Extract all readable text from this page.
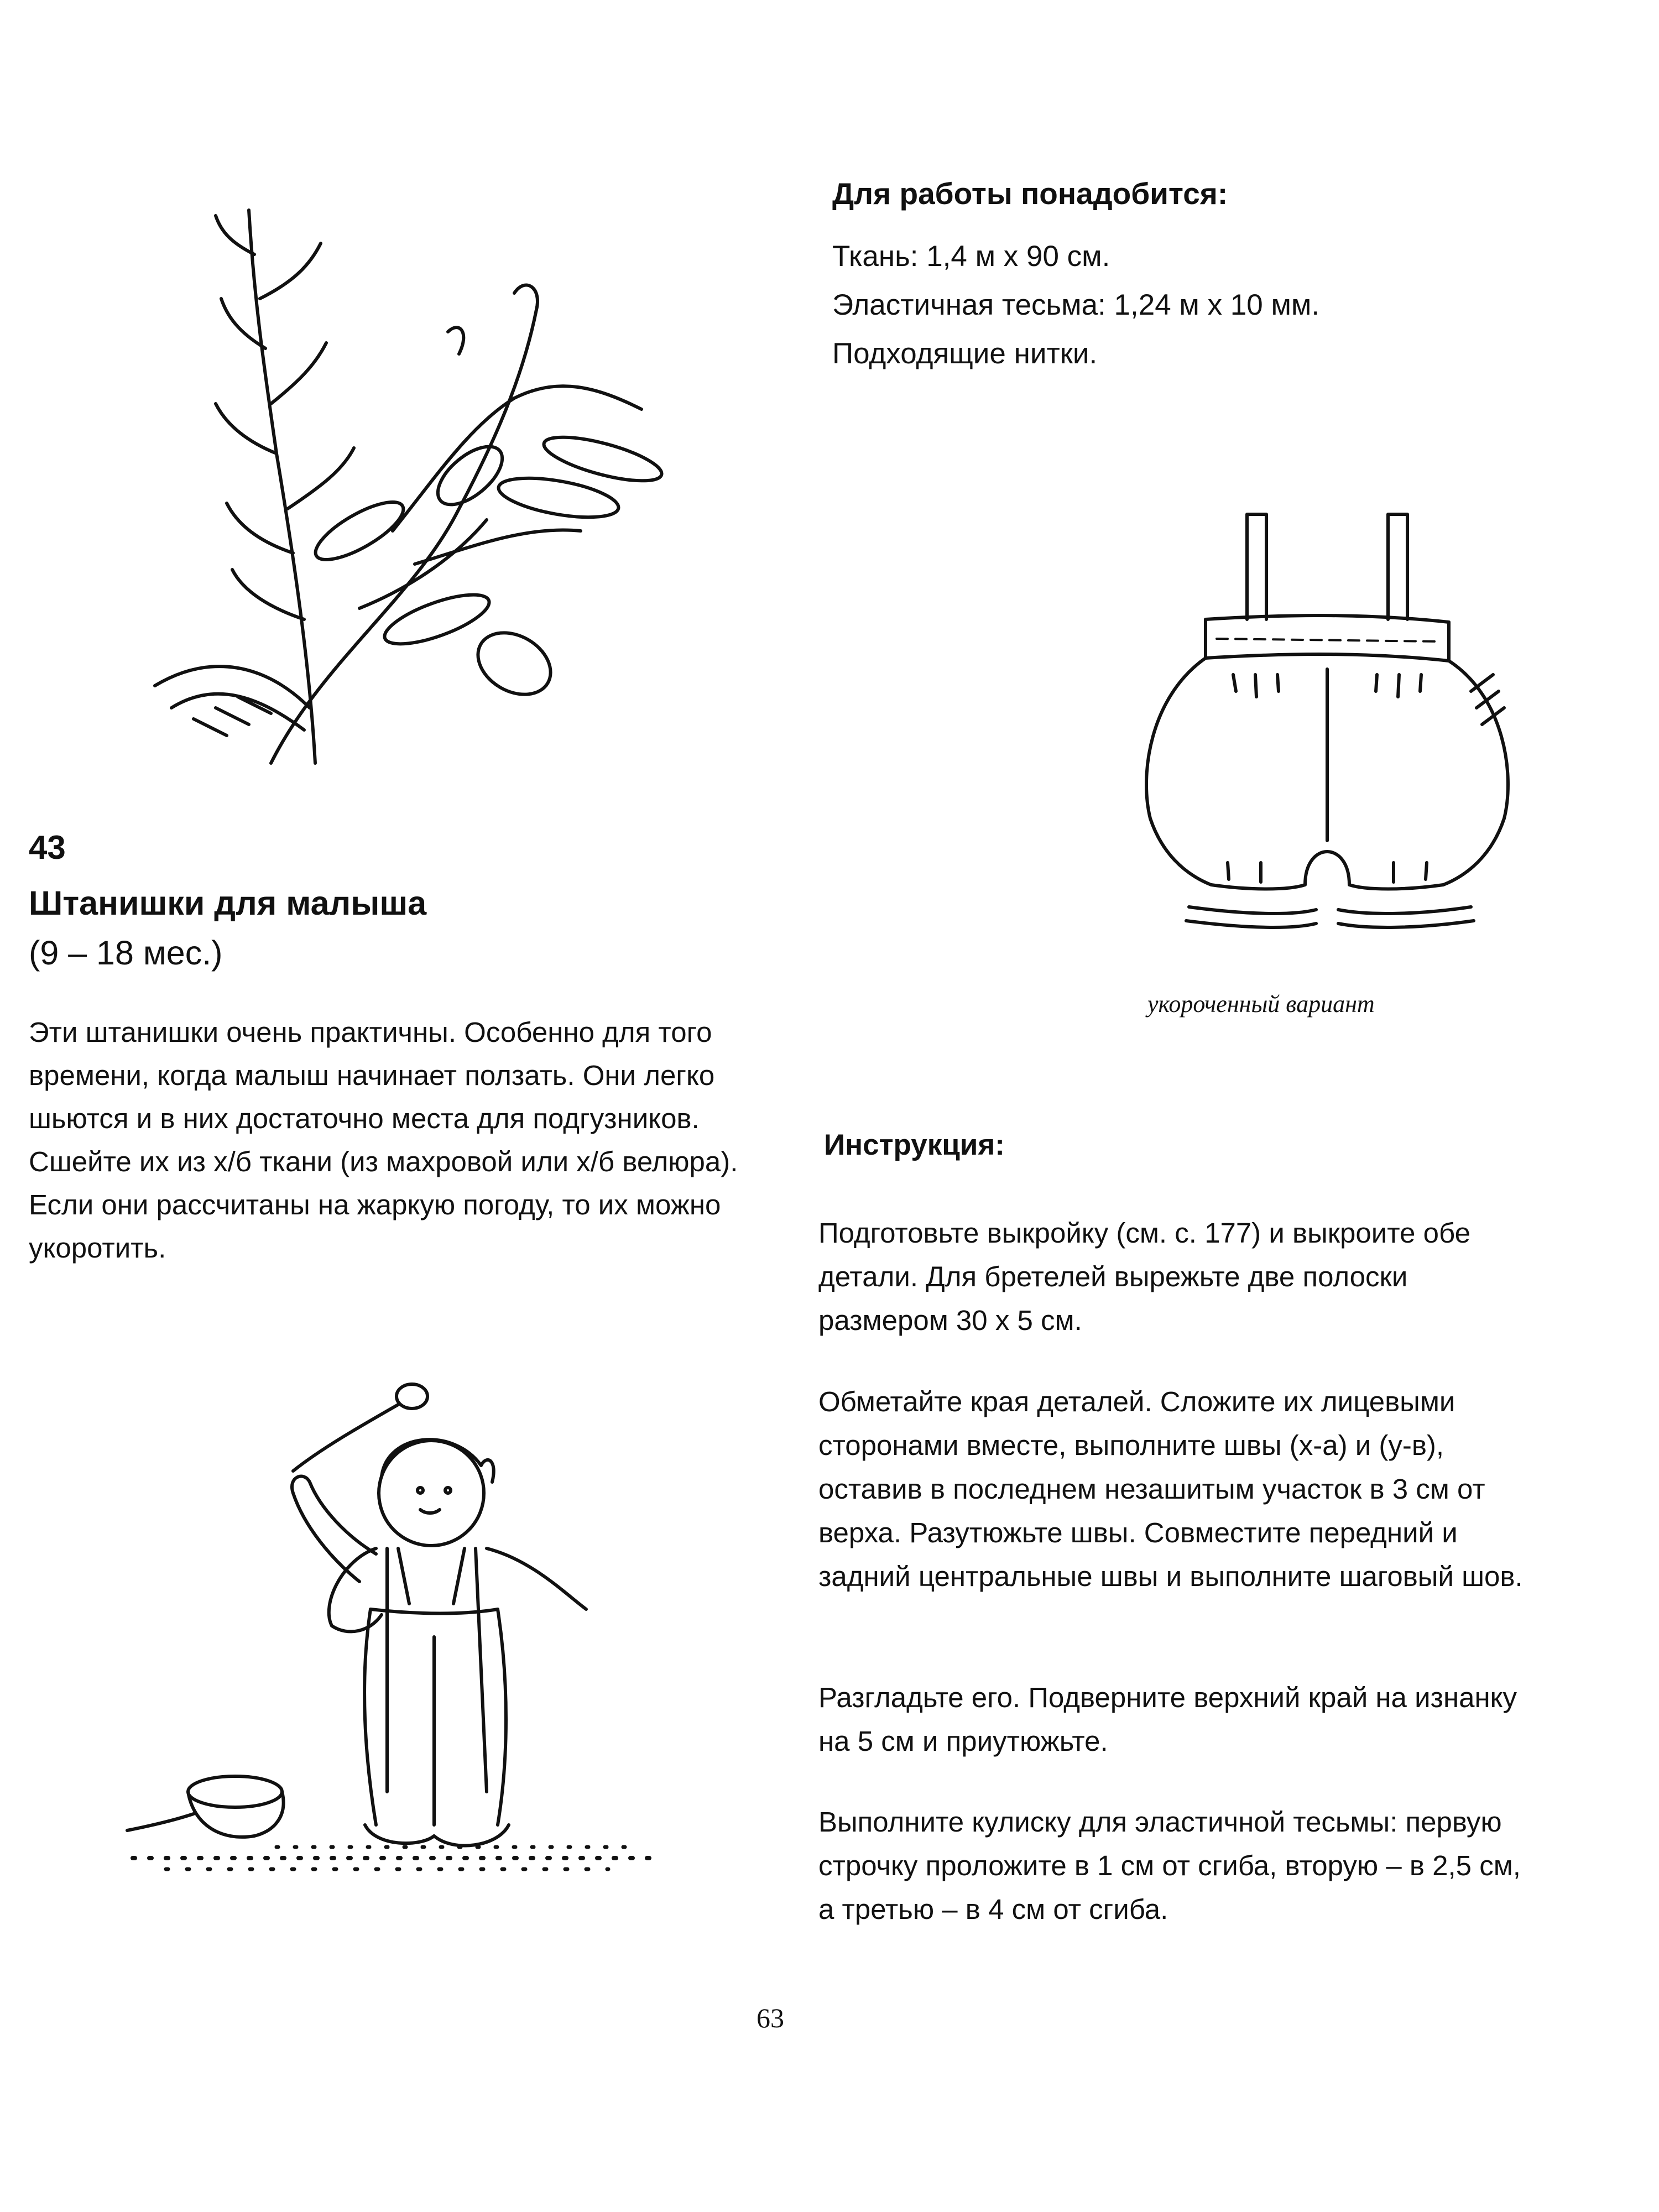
Для работы понадобится:
Ткань: 1,4 м х 90 см.
Эластичная тесьма: 1,24 м х 10 мм.
Подходящие нитки.
укороченный вариант
43
Штанишки для малыша
(9 – 18 мес.)

Эти штанишки очень практичны. Особенно для того времени, когда малыш начинает ползать. Они легко шьются и в них достаточно места для подгузников. Сшейте их из х/б ткани (из махровой или х/б велюра). Если они рассчитаны на жаркую погоду, то их можно укоротить.

Инструкция:

Подготовьте выкройку (см. с. 177) и выкроите обе детали. Для бретелей вырежьте две полоски размером 30 х 5 см.

Обметайте края деталей. Сложите их лицевыми сторонами вместе, выполните швы (х-а) и (у-в), оставив в последнем незашитым участок в 3 см от верха. Разутюжьте швы. Совместите передний и задний центральные швы и выполните шаговый шов.

Разгладьте его. Подверните верхний край на изнанку на 5 см и приутюжьте.

Выполните кулиску для эластичной тесьмы: первую строчку проложите в 1 см от сгиба, вторую – в 2,5 см, а третью – в 4 см от сгиба.

63
